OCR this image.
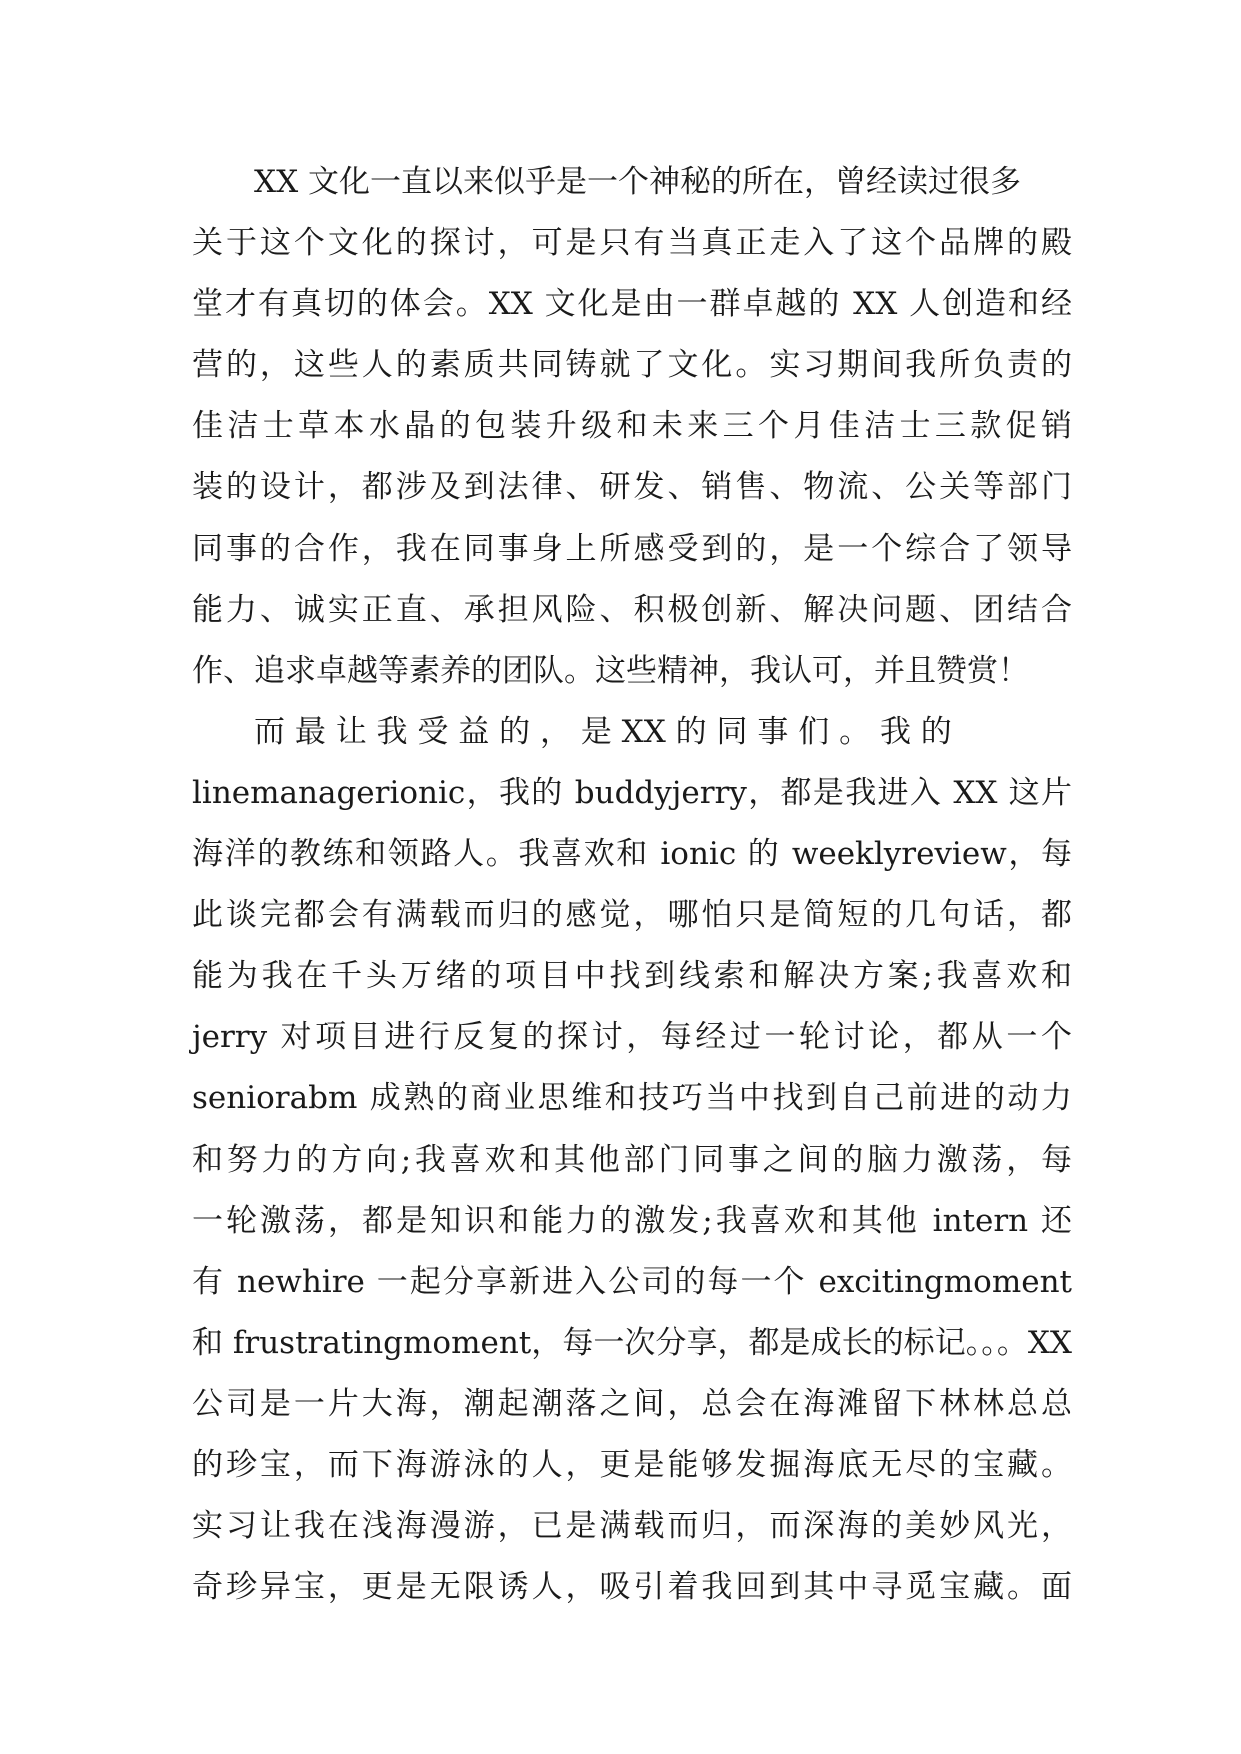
　　XX 文化一直以来似乎是一个神秘的所在，曾经读过很多
关于这个文化的探讨，可是只有当真正走入了这个品牌的殿
堂才有真切的体会。XX 文化是由一群卓越的 XX 人创造和经
营的，这些人的素质共同铸就了文化。实习期间我所负责的
佳洁士草本水晶的包装升级和未来三个月佳洁士三款促销
装的设计，都涉及到法律、研发、销售、物流、公关等部门
同事的合作，我在同事身上所感受到的，是一个综合了领导
能力、诚实正直、承担风险、积极创新、解决问题、团结合
作、追求卓越等素养的团队。这些精神，我认可，并且赞赏！
　　而 最 让 我 受 益 的 ， 是 XX 的 同 事 们 。 我 的
linemanagerionic，我的 buddyjerry，都是我进入 XX 这片
海洋的教练和领路人。我喜欢和 ionic 的 weeklyreview，每
此谈完都会有满载而归的感觉，哪怕只是简短的几句话，都
能为我在千头万绪的项目中找到线索和解决方案;我喜欢和
jerry 对项目进行反复的探讨，每经过一轮讨论，都从一个
seniorabm 成熟的商业思维和技巧当中找到自己前进的动力
和努力的方向;我喜欢和其他部门同事之间的脑力激荡，每
一轮激荡，都是知识和能力的激发;我喜欢和其他 intern 还
有 newhire 一起分享新进入公司的每一个 excitingmoment
和 frustratingmoment，每一次分享，都是成长的标记。。。XX
公司是一片大海，潮起潮落之间，总会在海滩留下林林总总
的珍宝，而下海游泳的人，更是能够发掘海底无尽的宝藏。
实习让我在浅海漫游，已是满载而归，而深海的美妙风光，
奇珍异宝，更是无限诱人，吸引着我回到其中寻觅宝藏。面
